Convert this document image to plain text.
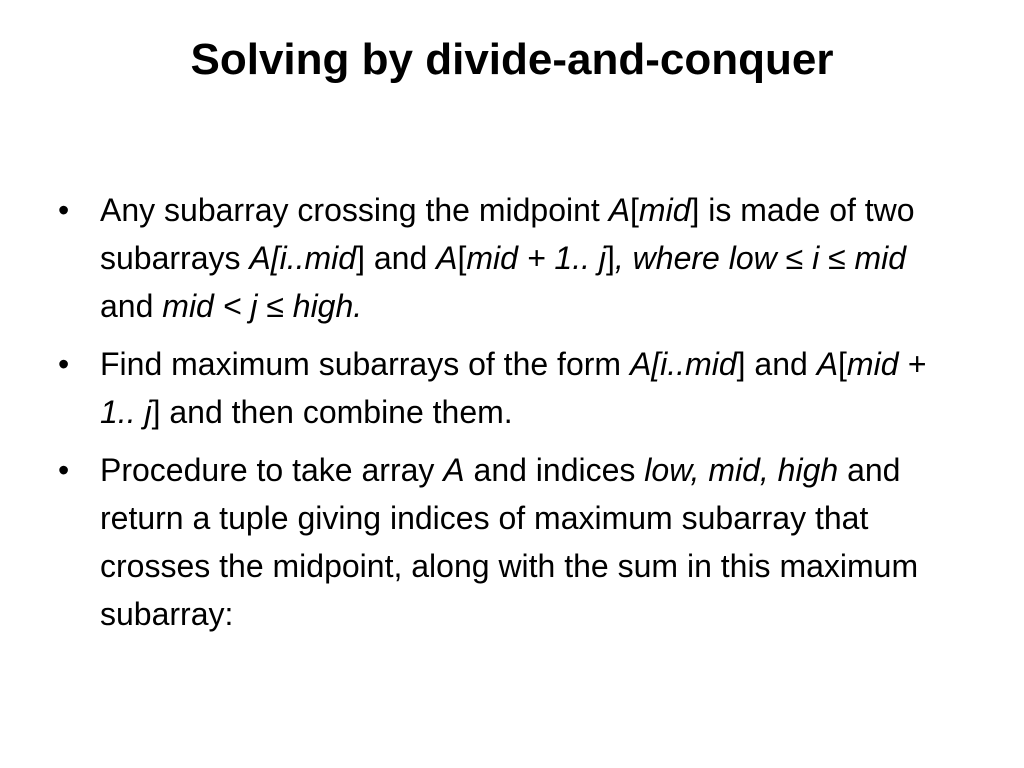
Solving by divide-and-conquer
• Any subarray crossing the midpoint A[mid] is made of two subarrays A[i..mid] and A[mid + 1.. j], where low ≤ i ≤ mid and mid < j ≤ high.
• Find maximum subarrays of the form A[i..mid] and A[mid + 1.. j] and then combine them.
• Procedure to take array A and indices low, mid, high and return a tuple giving indices of maximum subarray that crosses the midpoint, along with the sum in this maximum subarray:
